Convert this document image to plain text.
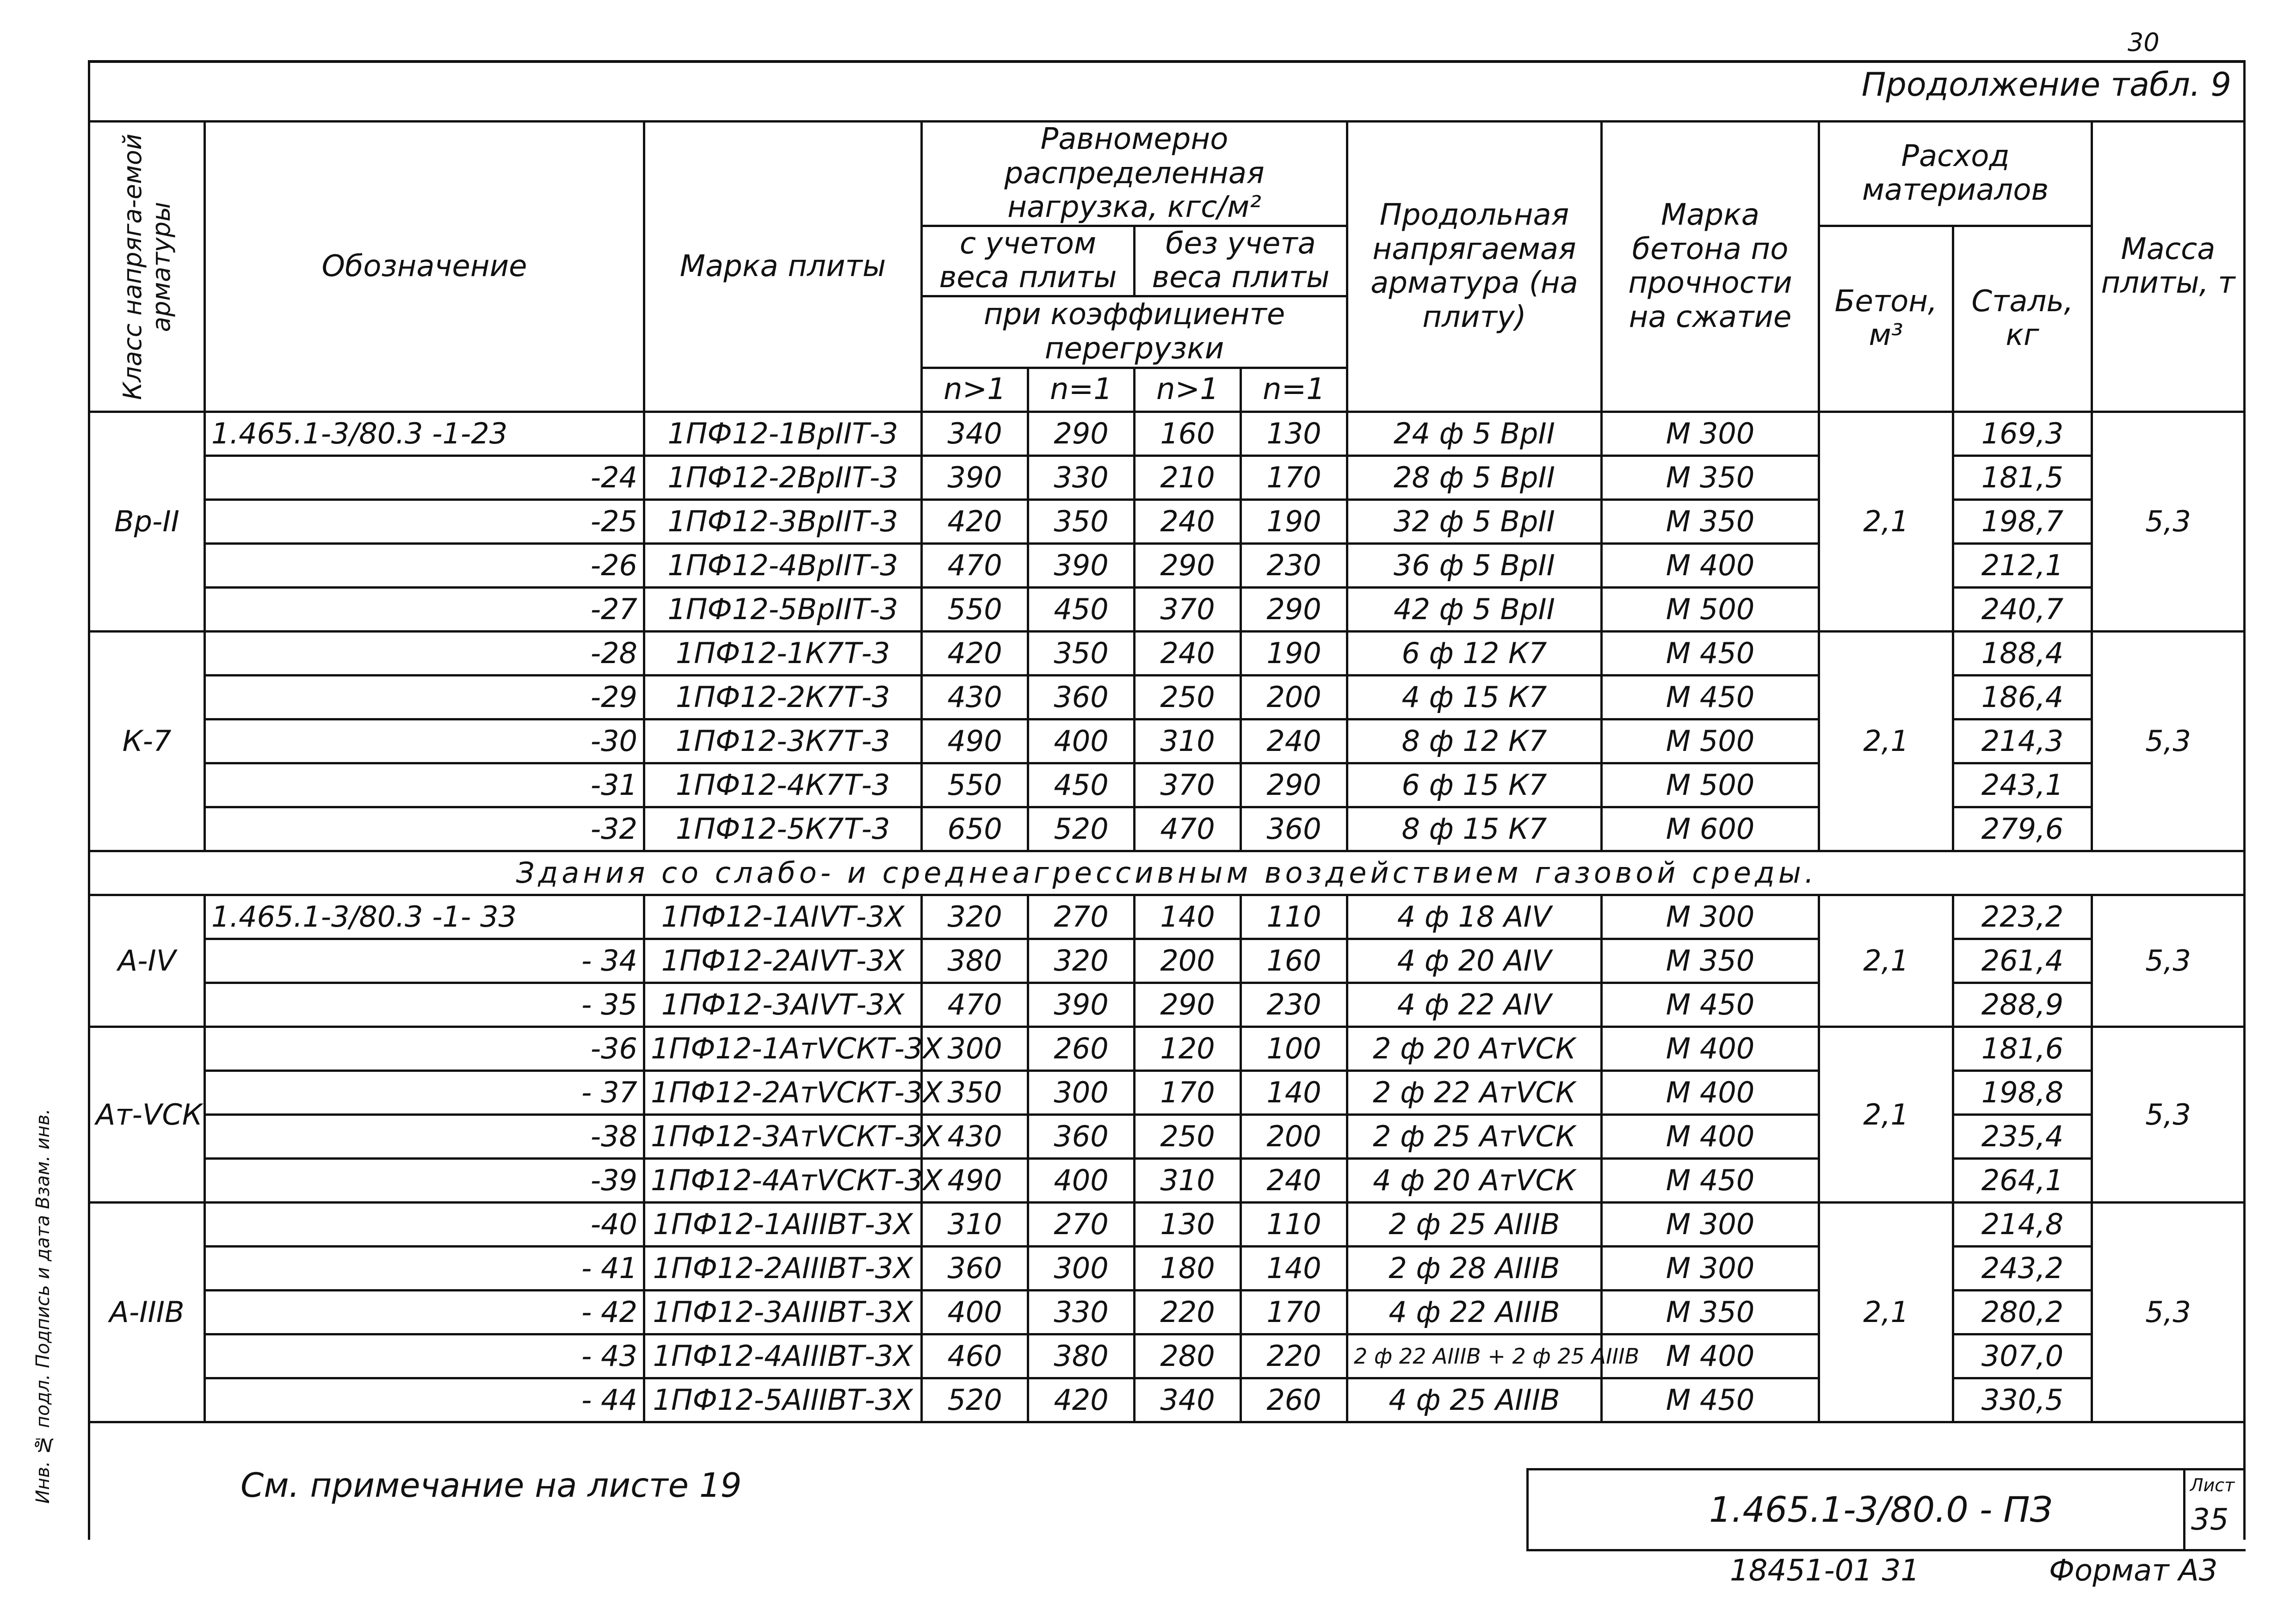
Инв. № подл. Подпись и дата Взам. инв.
30
Продолжение табл. 9
Класс напряга-емой арматуры	Обозначение	Марка плиты	Равномерно распределенная нагрузка, кгс/м²				Продольная напрягаемая арматура (на плиту)	Марка бетона по прочности на сжатие	Расход материалов		Масса плиты, т
			с учетом веса плиты		без учета веса плиты				Бетон, м³	Сталь, кг	
			при коэффициенте перегрузки								
			n>1	n=1	n>1	n=1					
Вр-II	1.465.1-3/80.3 -1-23	1ПФ12-1ВрIIТ-3	340	290	160	130	24 ф 5 ВрII	М 300	2,1	169,3	5,3
	-24	1ПФ12-2ВрIIТ-3	390	330	210	170	28 ф 5 ВрII	М 350		181,5	
	-25	1ПФ12-3ВрIIТ-3	420	350	240	190	32 ф 5 ВрII	М 350		198,7	
	-26	1ПФ12-4ВрIIТ-3	470	390	290	230	36 ф 5 ВрII	М 400		212,1	
	-27	1ПФ12-5ВрIIТ-3	550	450	370	290	42 ф 5 ВрII	М 500		240,7	
К-7	-28	1ПФ12-1К7Т-3	420	350	240	190	6 ф 12 К7	М 450	2,1	188,4	5,3
	-29	1ПФ12-2К7Т-3	430	360	250	200	4 ф 15 К7	М 450		186,4	
	-30	1ПФ12-3К7Т-3	490	400	310	240	8 ф 12 К7	М 500		214,3	
	-31	1ПФ12-4К7Т-3	550	450	370	290	6 ф 15 К7	М 500		243,1	
	-32	1ПФ12-5К7Т-3	650	520	470	360	8 ф 15 К7	М 600		279,6	
Здания со слабо- и среднеагрессивным воздействием газовой среды.											
А-IV	1.465.1-3/80.3 -1- 33	1ПФ12-1АIVТ-3Х	320	270	140	110	4 ф 18 АIV	М 300	2,1	223,2	5,3
	- 34	1ПФ12-2АIVТ-3Х	380	320	200	160	4 ф 20 АIV	М 350		261,4	
	- 35	1ПФ12-3АIVТ-3Х	470	390	290	230	4 ф 22 АIV	М 450		288,9	
Ат-VСК	-36	1ПФ12-1АтVСКТ-3Х	300	260	120	100	2 ф 20 АтVСК	М 400	2,1	181,6	5,3
	- 37	1ПФ12-2АтVСКТ-3Х	350	300	170	140	2 ф 22 АтVСК	М 400		198,8	
	-38	1ПФ12-3АтVСКТ-3Х	430	360	250	200	2 ф 25 АтVСК	М 400		235,4	
	-39	1ПФ12-4АтVСКТ-3Х	490	400	310	240	4 ф 20 АтVСК	М 450		264,1	
А-IIIВ	-40	1ПФ12-1АIIIВТ-3Х	310	270	130	110	2 ф 25 АIIIВ	М 300	2,1	214,8	5,3
	- 41	1ПФ12-2АIIIВТ-3Х	360	300	180	140	2 ф 28 АIIIВ	М 300		243,2	
	- 42	1ПФ12-3АIIIВТ-3Х	400	330	220	170	4 ф 22 АIIIВ	М 350		280,2	
	- 43	1ПФ12-4АIIIВТ-3Х	460	380	280	220	2 ф 22 АIIIВ + 2 ф 25 АIIIВ	М 400		307,0	
	- 44	1ПФ12-5АIIIВТ-3Х	520	420	340	260	4 ф 25 АIIIВ	М 450		330,5	
См. примечание на листе 19
1.465.1-3/80.0 - ПЗ
Лист
35
18451-01 31	Формат А3
